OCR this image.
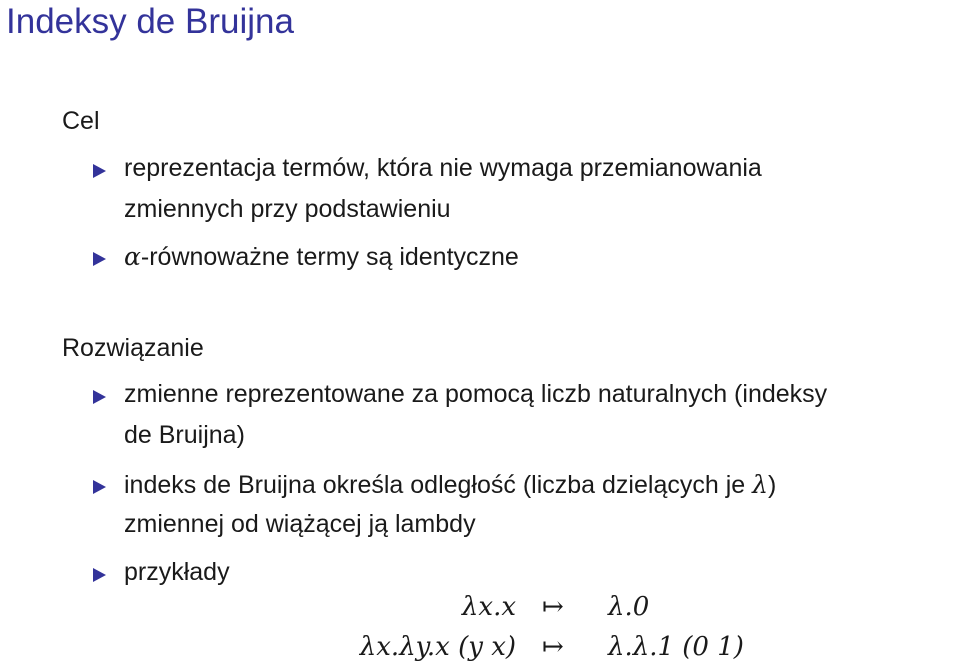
Indeksy de Bruijna
Cel
reprezentacja termów, która nie wymaga przemianowania
zmiennych przy podstawieniu
α-równoważne termy są identyczne
Rozwiązanie
zmienne reprezentowane za pomocą liczb naturalnych (indeksy
de Bruijna)
indeks de Bruijna określa odległość (liczba dzielących je λ)
zmiennej od wiążącej ją lambdy
przykłady
λx.x ↦ λ.0
λx.λy.x (y x) ↦ λ.λ.1 (0 1)
